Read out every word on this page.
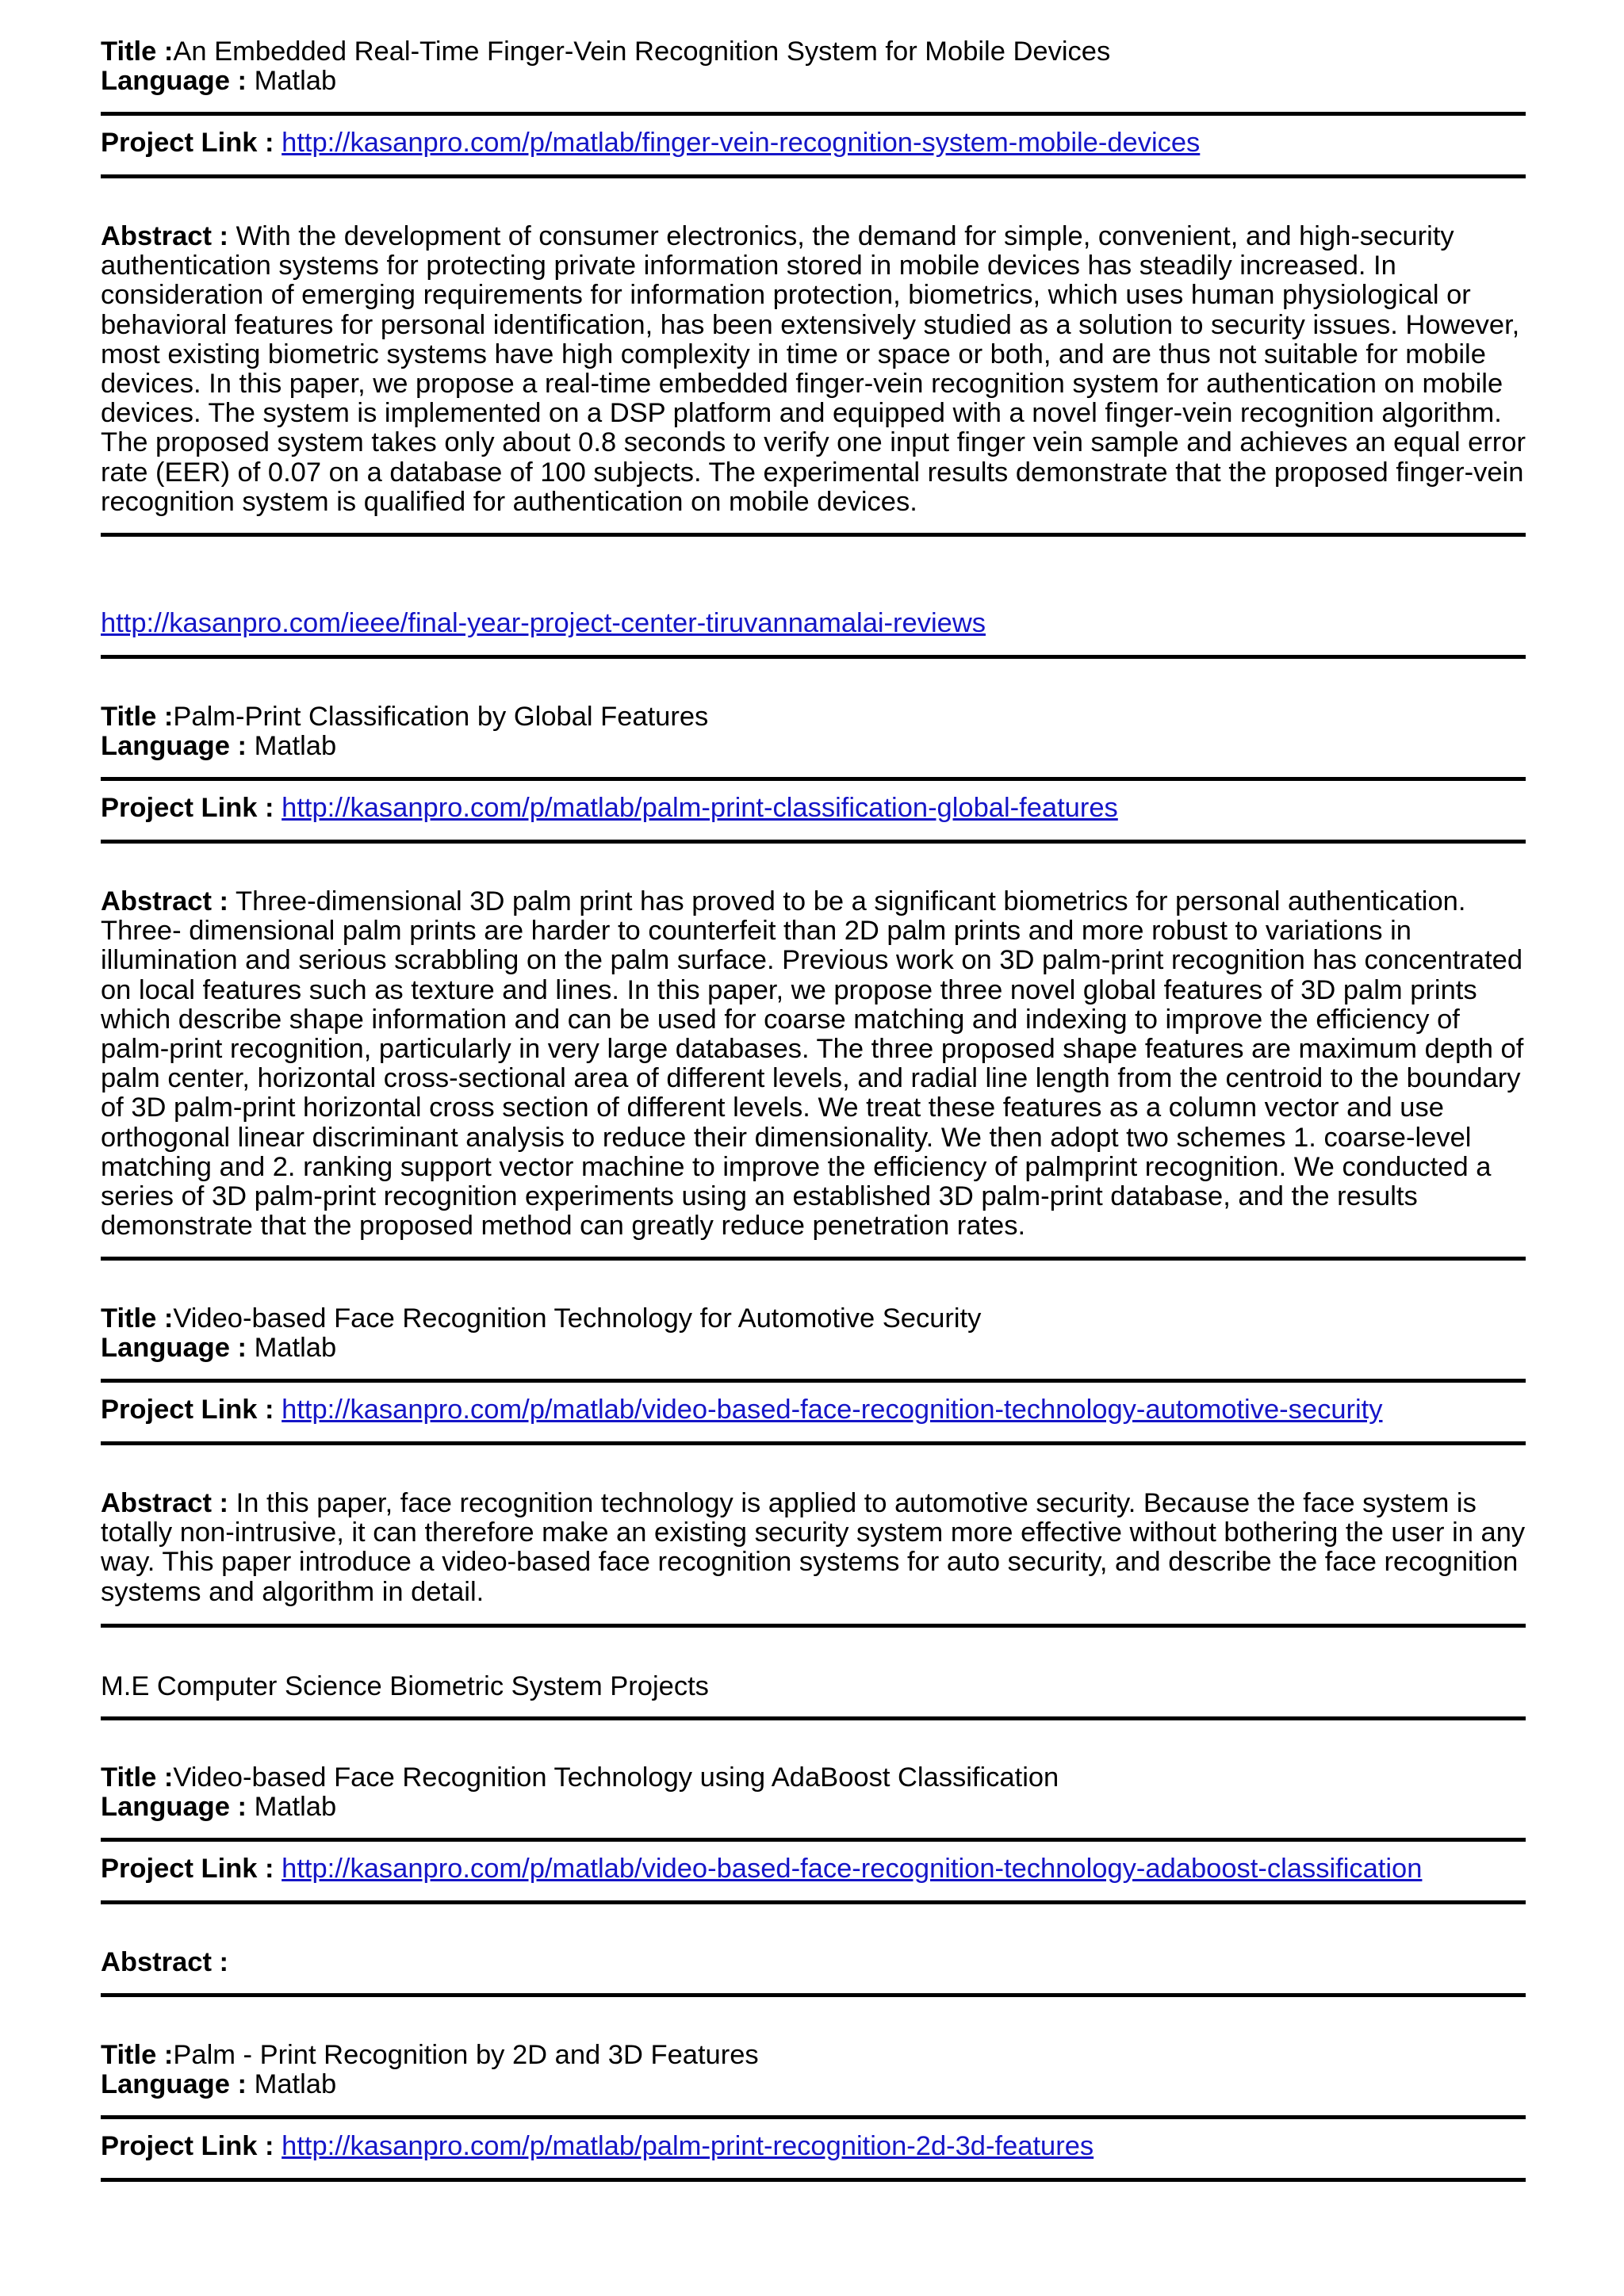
Title :An Embedded Real-Time Finger-Vein Recognition System for Mobile Devices
Language : Matlab
Project Link : http://kasanpro.com/p/matlab/finger-vein-recognition-system-mobile-devices
Abstract : With the development of consumer electronics, the demand for simple, convenient, and high-security authentication systems for protecting private information stored in mobile devices has steadily increased. In consideration of emerging requirements for information protection, biometrics, which uses human physiological or behavioral features for personal identification, has been extensively studied as a solution to security issues. However, most existing biometric systems have high complexity in time or space or both, and are thus not suitable for mobile devices. In this paper, we propose a real-time embedded finger-vein recognition system for authentication on mobile devices. The system is implemented on a DSP platform and equipped with a novel finger-vein recognition algorithm. The proposed system takes only about 0.8 seconds to verify one input finger vein sample and achieves an equal error rate (EER) of 0.07 on a database of 100 subjects. The experimental results demonstrate that the proposed finger-vein recognition system is qualified for authentication on mobile devices.
http://kasanpro.com/ieee/final-year-project-center-tiruvannamalai-reviews
Title :Palm-Print Classification by Global Features
Language : Matlab
Project Link : http://kasanpro.com/p/matlab/palm-print-classification-global-features
Abstract : Three-dimensional 3D palm print has proved to be a significant biometrics for personal authentication. Three- dimensional palm prints are harder to counterfeit than 2D palm prints and more robust to variations in illumination and serious scrabbling on the palm surface. Previous work on 3D palm-print recognition has concentrated on local features such as texture and lines. In this paper, we propose three novel global features of 3D palm prints which describe shape information and can be used for coarse matching and indexing to improve the efficiency of palm-print recognition, particularly in very large databases. The three proposed shape features are maximum depth of palm center, horizontal cross-sectional area of different levels, and radial line length from the centroid to the boundary of 3D palm-print horizontal cross section of different levels. We treat these features as a column vector and use orthogonal linear discriminant analysis to reduce their dimensionality. We then adopt two schemes 1. coarse-level matching and 2. ranking support vector machine to improve the efficiency of palmprint recognition. We conducted a series of 3D palm-print recognition experiments using an established 3D palm-print database, and the results demonstrate that the proposed method can greatly reduce penetration rates.
Title :Video-based Face Recognition Technology for Automotive Security
Language : Matlab
Project Link : http://kasanpro.com/p/matlab/video-based-face-recognition-technology-automotive-security
Abstract : In this paper, face recognition technology is applied to automotive security. Because the face system is totally non-intrusive, it can therefore make an existing security system more effective without bothering the user in any way. This paper introduce a video-based face recognition systems for auto security, and describe the face recognition systems and algorithm in detail.
M.E Computer Science Biometric System Projects
Title :Video-based Face Recognition Technology using AdaBoost Classification
Language : Matlab
Project Link : http://kasanpro.com/p/matlab/video-based-face-recognition-technology-adaboost-classification
Abstract :
Title :Palm - Print Recognition by 2D and 3D Features
Language : Matlab
Project Link : http://kasanpro.com/p/matlab/palm-print-recognition-2d-3d-features
